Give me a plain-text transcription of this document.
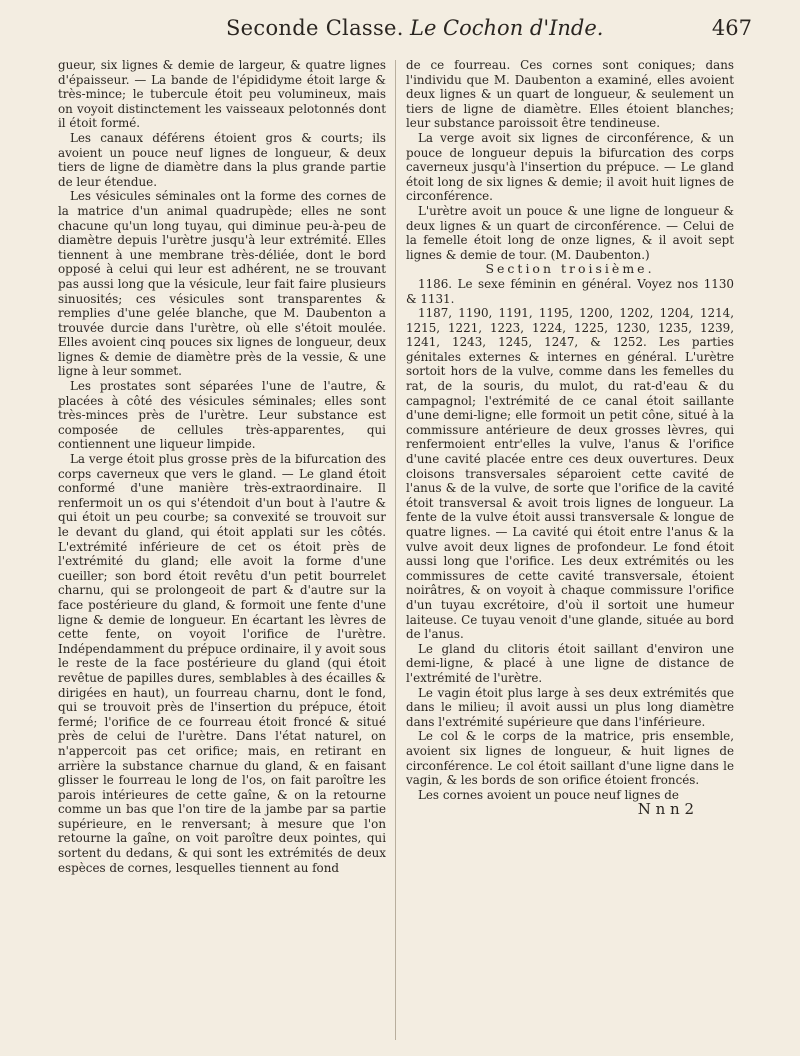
Seconde Classe. Le Cochon d'Inde.	467

gueur, six lignes & demie de largeur, & quatre lignes d'épaisseur. — La bande de l'épididyme étoit large & très-mince; le tubercule étoit peu volumineux, mais on voyoit distinctement les vaisseaux pelotonnés dont il étoit formé.

Les canaux déférens étoient gros & courts; ils avoient un pouce neuf lignes de longueur, & deux tiers de ligne de diamètre dans la plus grande partie de leur étendue.

Les vésicules séminales ont la forme des cornes de la matrice d'un animal quadrupède; elles ne sont chacune qu'un long tuyau, qui diminue peu-à-peu de diamètre depuis l'urètre jusqu'à leur extrémité. Elles tiennent à une membrane très-déliée, dont le bord opposé à celui qui leur est adhérent, ne se trouvant pas aussi long que la vésicule, leur fait faire plusieurs sinuosités; ces vésicules sont transparentes & remplies d'une gelée blanche, que M. Daubenton a trouvée durcie dans l'urètre, où elle s'étoit moulée. Elles avoient cinq pouces six lignes de longueur, deux lignes & demie de diamètre près de la vessie, & une ligne à leur sommet.

Les prostates sont séparées l'une de l'autre, & placées à côté des vésicules séminales; elles sont très-minces près de l'urètre. Leur substance est composée de cellules très-apparentes, qui contiennent une liqueur limpide.

La verge étoit plus grosse près de la bifurcation des corps caverneux que vers le gland. — Le gland étoit conformé d'une manière très-extraordinaire. Il renfermoit un os qui s'étendoit d'un bout à l'autre & qui étoit un peu courbe; sa convexité se trouvoit sur le devant du gland, qui étoit applati sur les côtés. L'extrémité inférieure de cet os étoit près de l'extrémité du gland; elle avoit la forme d'une cueiller; son bord étoit revêtu d'un petit bourrelet charnu, qui se prolongeoit de part & d'autre sur la face postérieure du gland, & formoit une fente d'une ligne & demie de longueur. En écartant les lèvres de cette fente, on voyoit l'orifice de l'urètre. Indépendamment du prépuce ordinaire, il y avoit sous le reste de la face postérieure du gland (qui étoit revêtue de papilles dures, semblables à des écailles & dirigées en haut), un fourreau charnu, dont le fond, qui se trouvoit près de l'insertion du prépuce, étoit fermé; l'orifice de ce fourreau étoit froncé & situé près de celui de l'urètre. Dans l'état naturel, on n'appercoit pas cet orifice; mais, en retirant en arrière la substance charnue du gland, & en faisant glisser le fourreau le long de l'os, on fait paroître les parois intérieures de cette gaîne, & on la retourne comme un bas que l'on tire de la jambe par sa partie supérieure, en le renversant; à mesure que l'on retourne la gaîne, on voit paroître deux pointes, qui sortent du dedans, & qui sont les extrémités de deux espèces de cornes, lesquelles tiennent au fond

de ce fourreau. Ces cornes sont coniques; dans l'individu que M. Daubenton a examiné, elles avoient deux lignes & un quart de longueur, & seulement un tiers de ligne de diamètre. Elles étoient blanches; leur substance paroissoit être tendineuse.

La verge avoit six lignes de circonférence, & un pouce de longueur depuis la bifurcation des corps caverneux jusqu'à l'insertion du prépuce. — Le gland étoit long de six lignes & demie; il avoit huit lignes de circonférence.

L'urètre avoit un pouce & une ligne de longueur & deux lignes & un quart de circonférence. — Celui de la femelle étoit long de onze lignes, & il avoit sept lignes & demie de tour. (M. Daubenton.)

Section troisième.

1186. Le sexe féminin en général. Voyez nos 1130 & 1131.

1187, 1190, 1191, 1195, 1200, 1202, 1204, 1214, 1215, 1221, 1223, 1224, 1225, 1230, 1235, 1239, 1241, 1243, 1245, 1247, & 1252. Les parties génitales externes & internes en général. L'urètre sortoit hors de la vulve, comme dans les femelles du rat, de la souris, du mulot, du rat-d'eau & du campagnol; l'extrémité de ce canal étoit saillante d'une demi-ligne; elle formoit un petit cône, situé à la commissure antérieure de deux grosses lèvres, qui renfermoient entr'elles la vulve, l'anus & l'orifice d'une cavité placée entre ces deux ouvertures. Deux cloisons transversales séparoient cette cavité de l'anus & de la vulve, de sorte que l'orifice de la cavité étoit transversal & avoit trois lignes de longueur. La fente de la vulve étoit aussi transversale & longue de quatre lignes. — La cavité qui étoit entre l'anus & la vulve avoit deux lignes de profondeur. Le fond étoit aussi long que l'orifice. Les deux extrémités ou les commissures de cette cavité transversale, étoient noirâtres, & on voyoit à chaque commissure l'orifice d'un tuyau excrétoire, d'où il sortoit une humeur laiteuse. Ce tuyau venoit d'une glande, située au bord de l'anus.

Le gland du clitoris étoit saillant d'environ une demi-ligne, & placé à une ligne de distance de l'extrémité de l'urètre.

Le vagin étoit plus large à ses deux extrémités que dans le milieu; il avoit aussi un plus long diamètre dans l'extrémité supérieure que dans l'inférieure.

Le col & le corps de la matrice, pris ensemble, avoient six lignes de longueur, & huit lignes de circonférence. Le col étoit saillant d'une ligne dans le vagin, & les bords de son orifice étoient froncés.

Les cornes avoient un pouce neuf lignes de

N n n 2
